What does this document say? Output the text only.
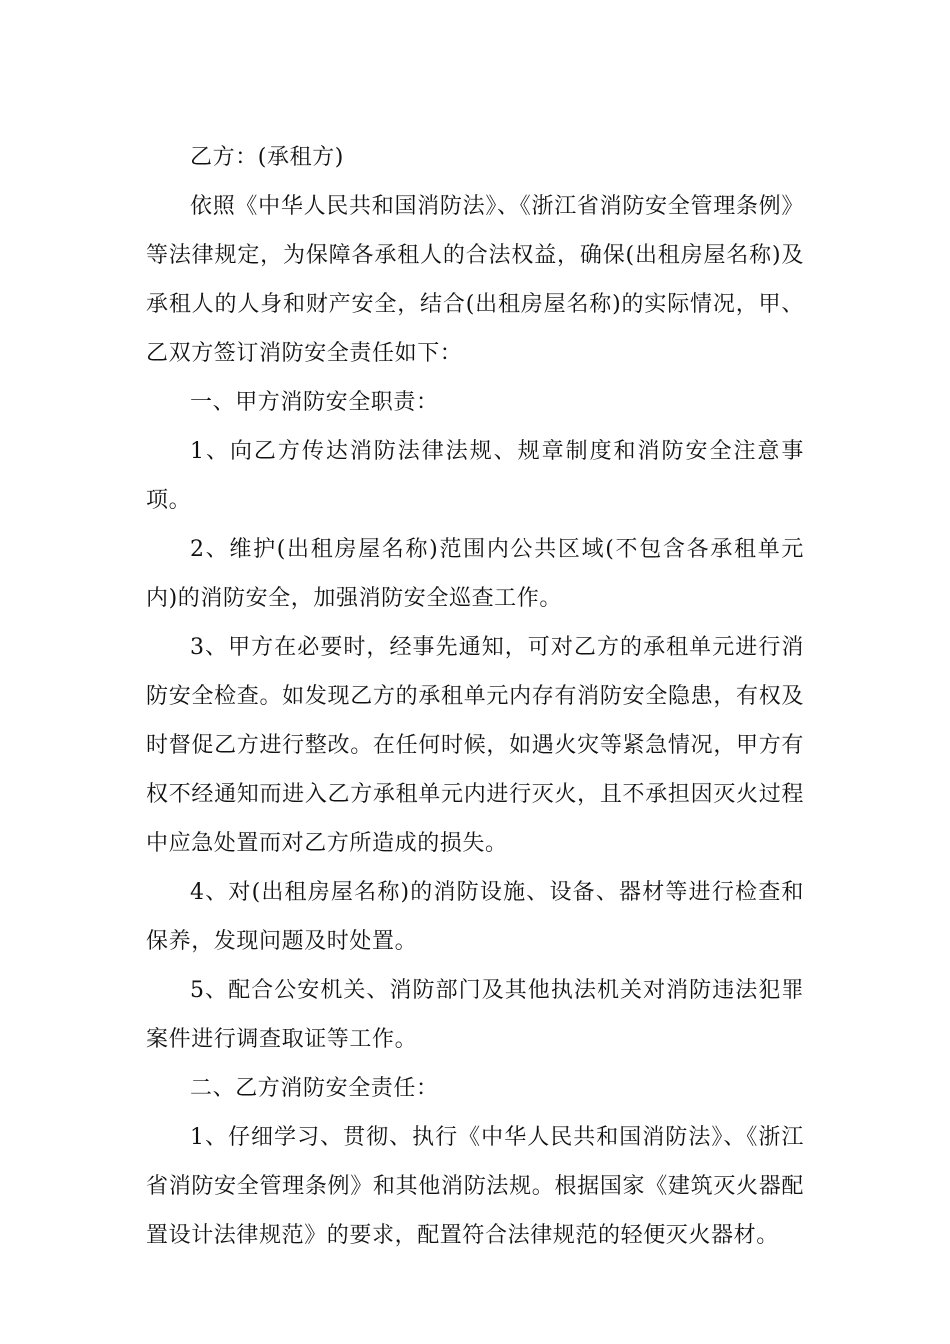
乙方：(承租方)

依照《中华人民共和国消防法》、《浙江省消防安全管理条例》等法律规定，为保障各承租人的合法权益，确保(出租房屋名称)及承租人的人身和财产安全，结合(出租房屋名称)的实际情况，甲、乙双方签订消防安全责任如下：

一、甲方消防安全职责：

1、向乙方传达消防法律法规、规章制度和消防安全注意事项。

2、维护(出租房屋名称)范围内公共区域(不包含各承租单元内)的消防安全，加强消防安全巡查工作。

3、甲方在必要时，经事先通知，可对乙方的承租单元进行消防安全检查。如发现乙方的承租单元内存有消防安全隐患，有权及时督促乙方进行整改。在任何时候，如遇火灾等紧急情况，甲方有权不经通知而进入乙方承租单元内进行灭火，且不承担因灭火过程中应急处置而对乙方所造成的损失。

4、对(出租房屋名称)的消防设施、设备、器材等进行检查和保养，发现问题及时处置。

5、配合公安机关、消防部门及其他执法机关对消防违法犯罪案件进行调查取证等工作。

二、乙方消防安全责任：

1、仔细学习、贯彻、执行《中华人民共和国消防法》、《浙江省消防安全管理条例》和其他消防法规。根据国家《建筑灭火器配置设计法律规范》的要求，配置符合法律规范的轻便灭火器材。
